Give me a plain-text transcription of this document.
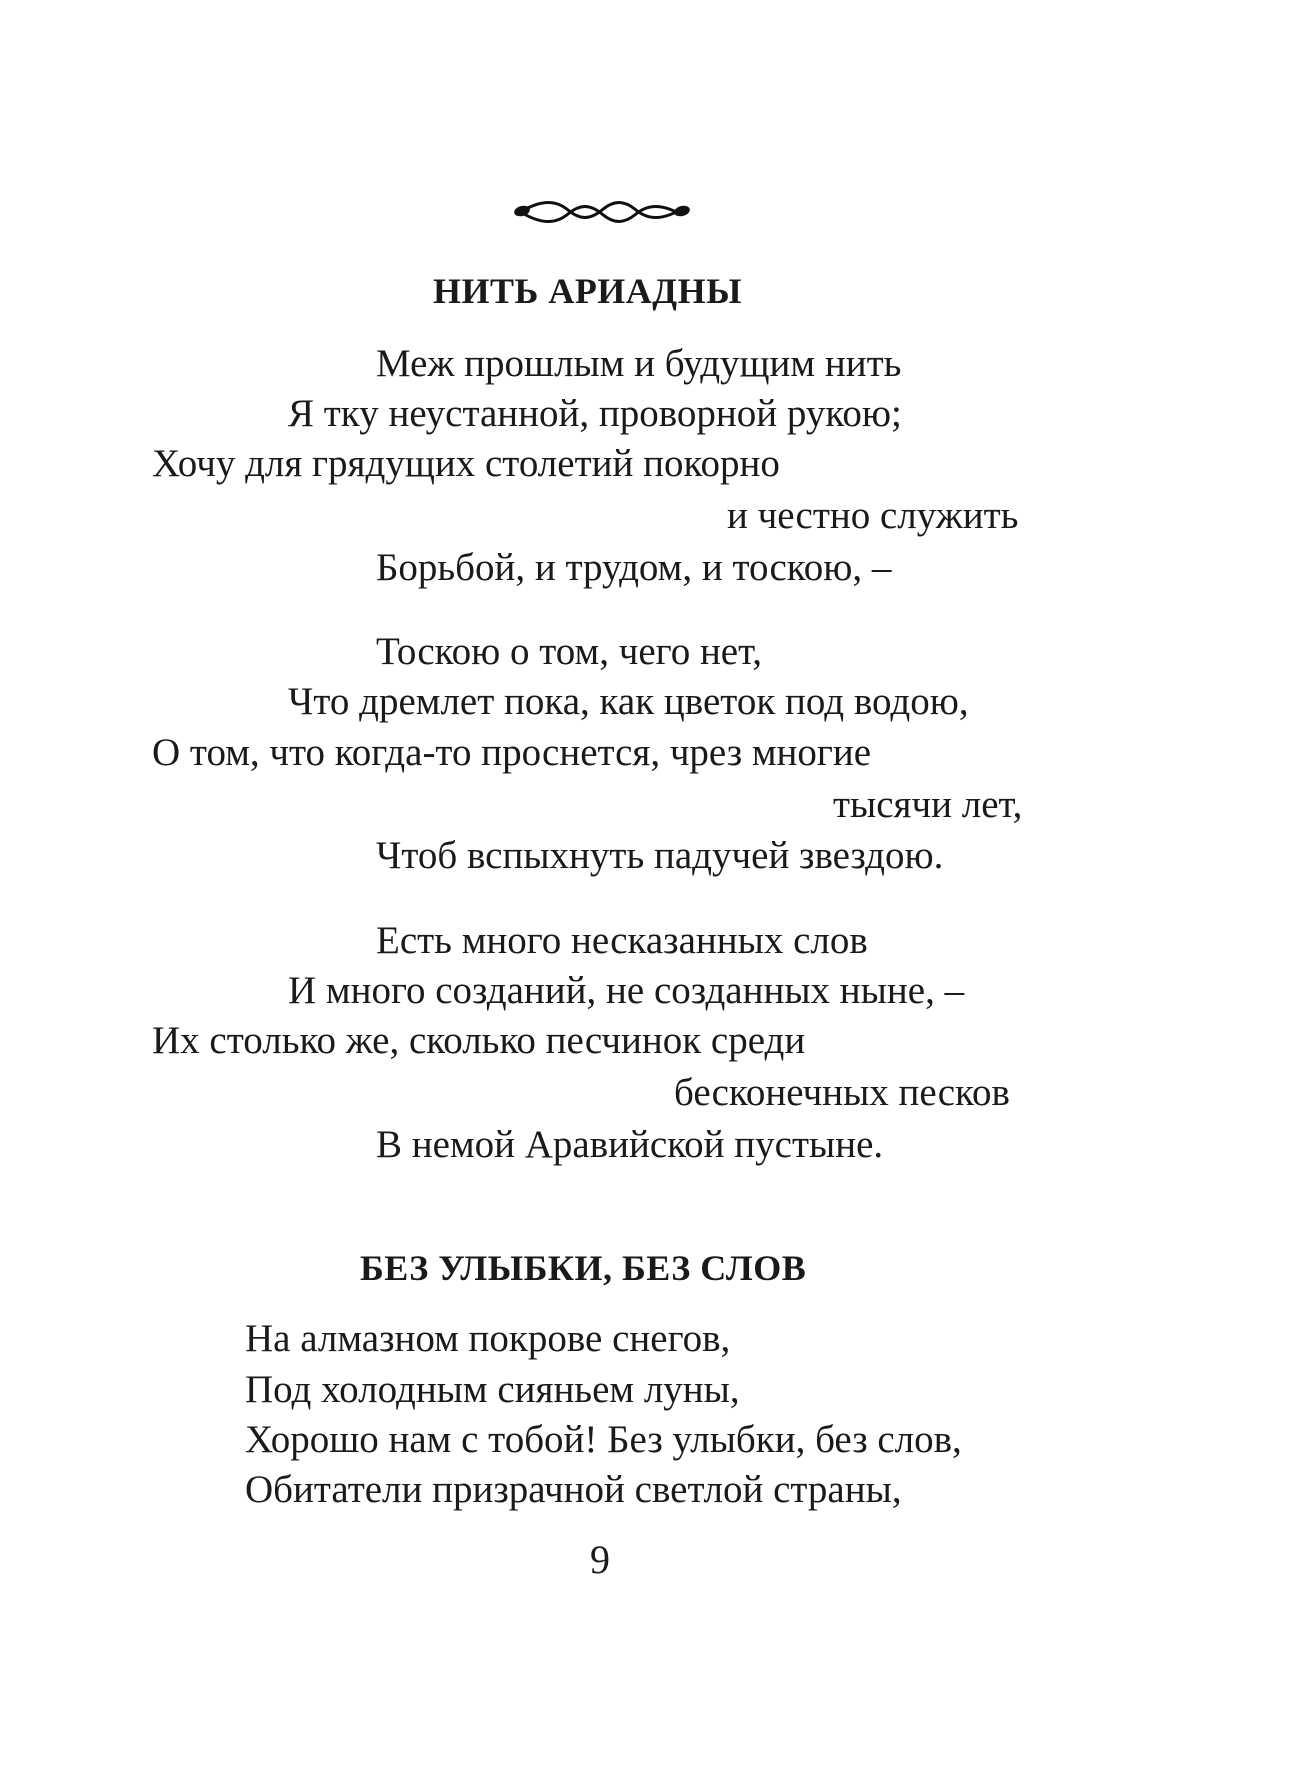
НИТЬ АРИАДНЫ

Меж прошлым и будущим нить

Я тку неустанной, проворной рукою;

Хочу для грядущих столетий покорно

и честно служить

Борьбой, и трудом, и тоскою, –

Тоскою о том, чего нет,

Что дремлет пока, как цветок под водою,

О том, что когда-то проснется, чрез многие

тысячи лет,

Чтоб вспыхнуть падучей звездою.

Есть много несказанных слов

И много созданий, не созданных ныне, –

Их столько же, сколько песчинок среди

бесконечных песков

В немой Аравийской пустыне.

БЕЗ УЛЫБКИ, БЕЗ СЛОВ

На алмазном покрове снегов,

Под холодным сияньем луны,

Хорошо нам с тобой! Без улыбки, без слов,

Обитатели призрачной светлой страны,

9
